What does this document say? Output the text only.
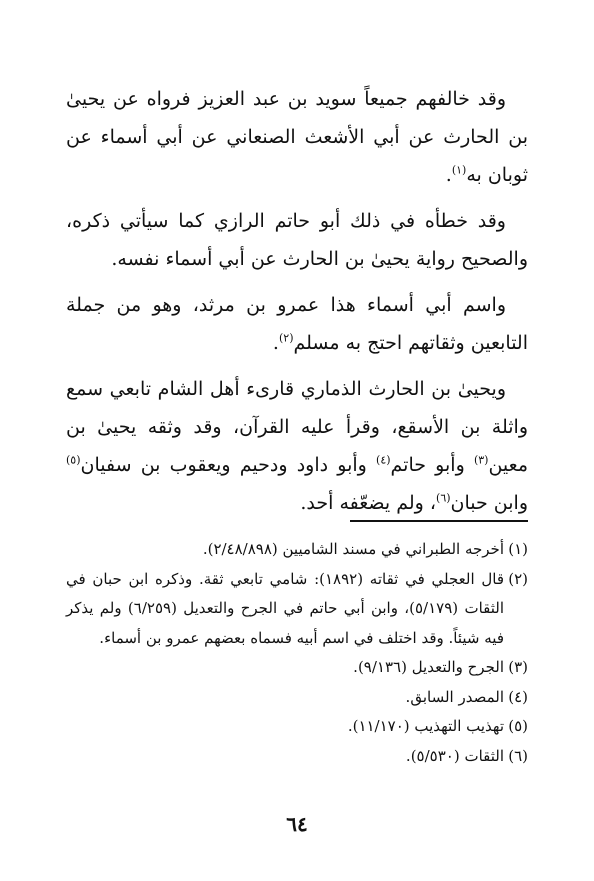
وقد خالفهم جميعاً سويد بن عبد العزيز فرواه عن يحيىٰ بن الحارث عن أبي الأشعث الصنعاني عن أبي أسماء عن ثوبان به$^{(١)}$.

وقد خطأه في ذلك أبو حاتم الرازي كما سيأتي ذكره، والصحيح رواية يحيىٰ بن الحارث عن أبي أسماء نفسه.

واسم أبي أسماء هذا عمرو بن مرثد، وهو من جملة التابعين وثقاتهم احتج به مسلم$^{(٢)}$.

ويحيىٰ بن الحارث الذماري قارىء أهل الشام تابعي سمع واثلة بن الأسقع، وقرأ عليه القرآن، وقد وثقه يحيىٰ بن معين$^{(٣)}$ وأبو حاتم$^{(٤)}$ وأبو داود ودحيم ويعقوب بن سفيان$^{(٥)}$ وابن حبان$^{(٦)}$، ولم يضعّفه أحد.

(١)أخرجه الطبراني في مسند الشاميين (٢/٤٨/٨٩٨).

(٢)قال العجلي في ثقاته (١٨٩٢): شامي تابعي ثقة. وذكره ابن حبان في الثقات (٥/١٧٩)، وابن أبي حاتم في الجرح والتعديل (٦/٢٥٩) ولم يذكر فيه شيئاً. وقد اختلف في اسم أبيه فسماه بعضهم عمرو بن أسماء.

(٣)الجرح والتعديل (٩/١٣٦).

(٤)المصدر السابق.

(٥)تهذيب التهذيب (١١/١٧٠).

(٦)الثقات (٥/٥٣٠).

٦٤
